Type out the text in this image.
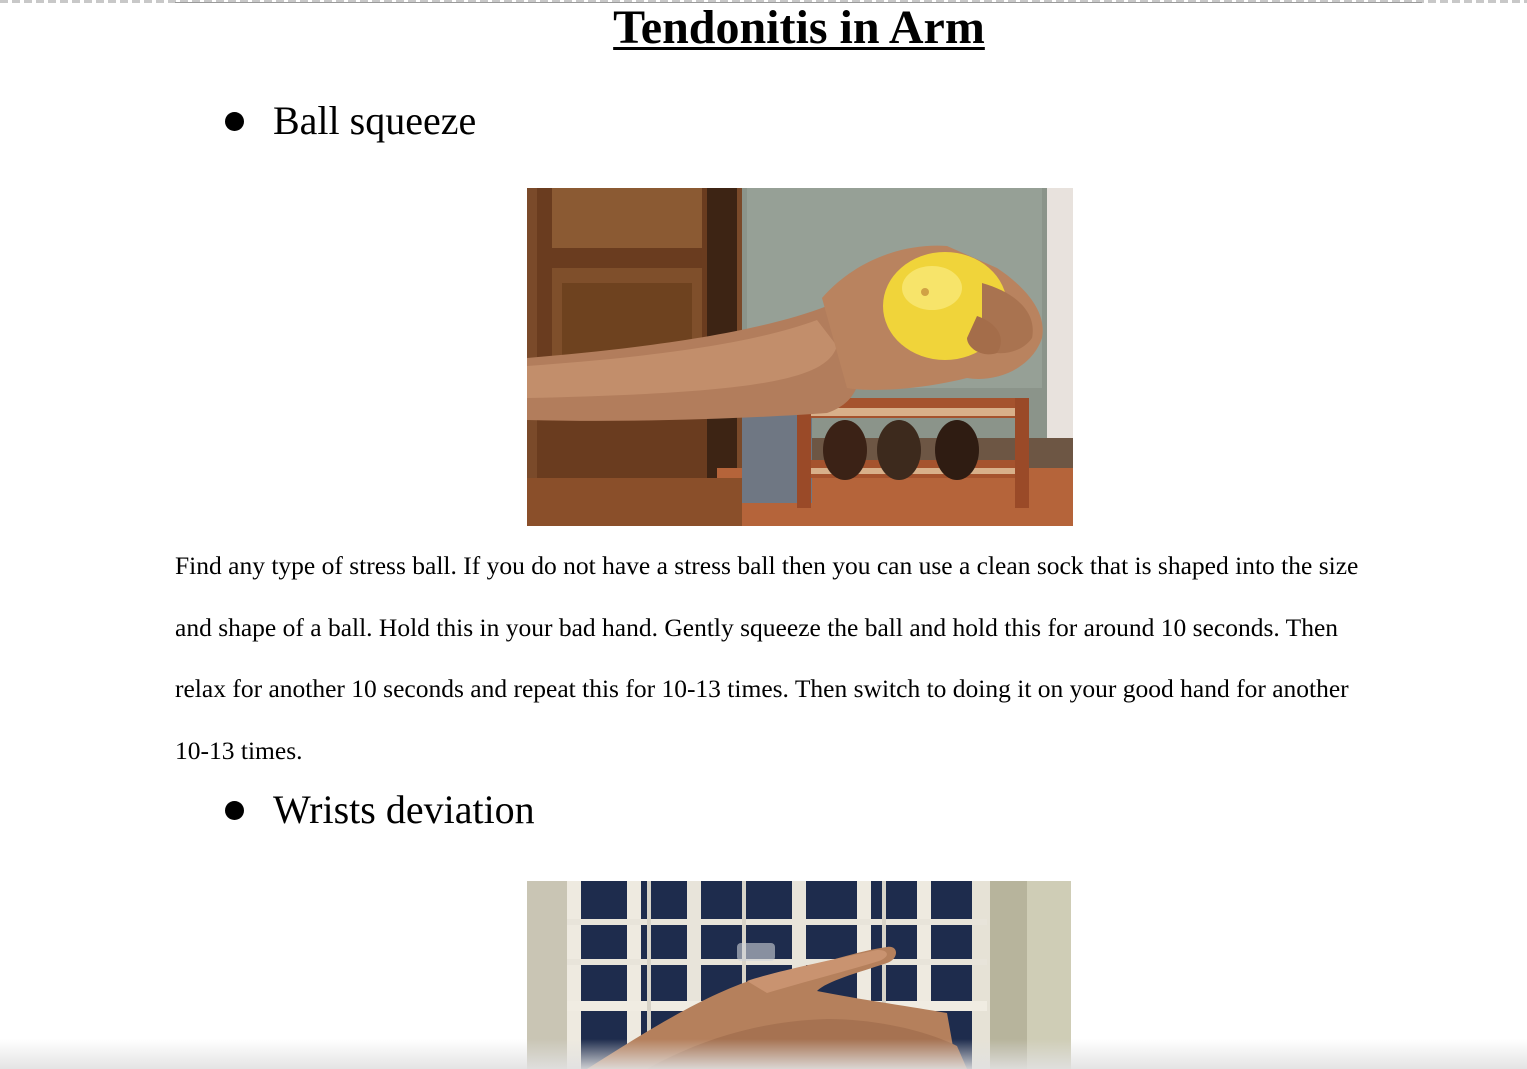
Tendonitis in Arm
Ball squeeze

Find any type of stress ball. If you do not have a stress ball then you can use a clean sock that is shaped into the size
and shape of a ball. Hold this in your bad hand. Gently squeeze the ball and hold this for around 10 seconds. Then
relax for another 10 seconds and repeat this for 10-13 times. Then switch to doing it on your good hand for another
10-13 times.

Wrists deviation
